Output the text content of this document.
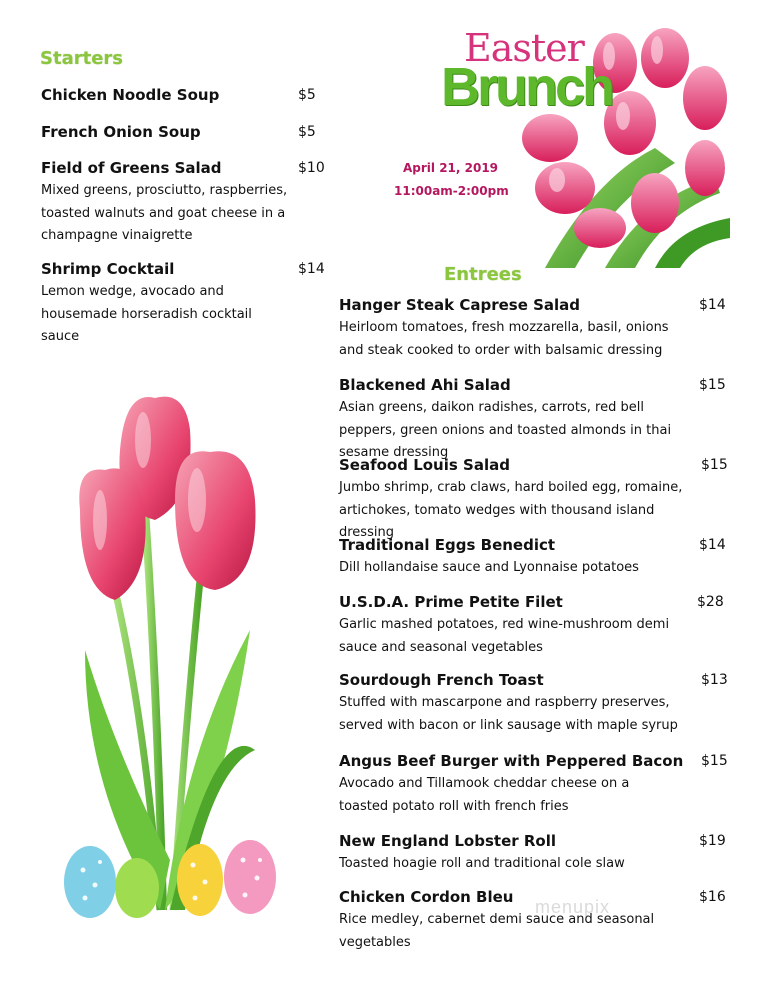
Easter
Brunch
April 21, 2019
11:00am-2:00pm
Starters
Chicken Noodle Soup	$5
French Onion Soup	$5
Field of Greens Salad	$10
Mixed greens, prosciutto, raspberries, toasted walnuts and goat cheese in a champagne vinaigrette
Shrimp Cocktail	$14
Lemon wedge, avocado and housemade horseradish cocktail sauce
Entrees
Hanger Steak Caprese Salad	$14
Heirloom tomatoes, fresh mozzarella, basil, onions and steak cooked to order with balsamic dressing
Blackened Ahi Salad	$15
Asian greens, daikon radishes, carrots, red bell peppers, green onions and toasted almonds in thai sesame dressing
Seafood Louis Salad	$15
Jumbo shrimp, crab claws, hard boiled egg, romaine, artichokes, tomato wedges with thousand island dressing
Traditional Eggs Benedict	$14
Dill hollandaise sauce and Lyonnaise potatoes
U.S.D.A. Prime Petite Filet	$28
Garlic mashed potatoes, red wine-mushroom demi sauce and seasonal vegetables
Sourdough French Toast	$13
Stuffed with mascarpone and raspberry preserves, served with bacon or link sausage with maple syrup
Angus Beef Burger with Peppered Bacon $15
Avocado and Tillamook cheddar cheese on a toasted potato roll with french fries
New England Lobster Roll	$19
Toasted hoagie roll and traditional cole slaw
Chicken Cordon Bleu	$16
Rice medley, cabernet demi sauce and seasonal vegetables
menupix
